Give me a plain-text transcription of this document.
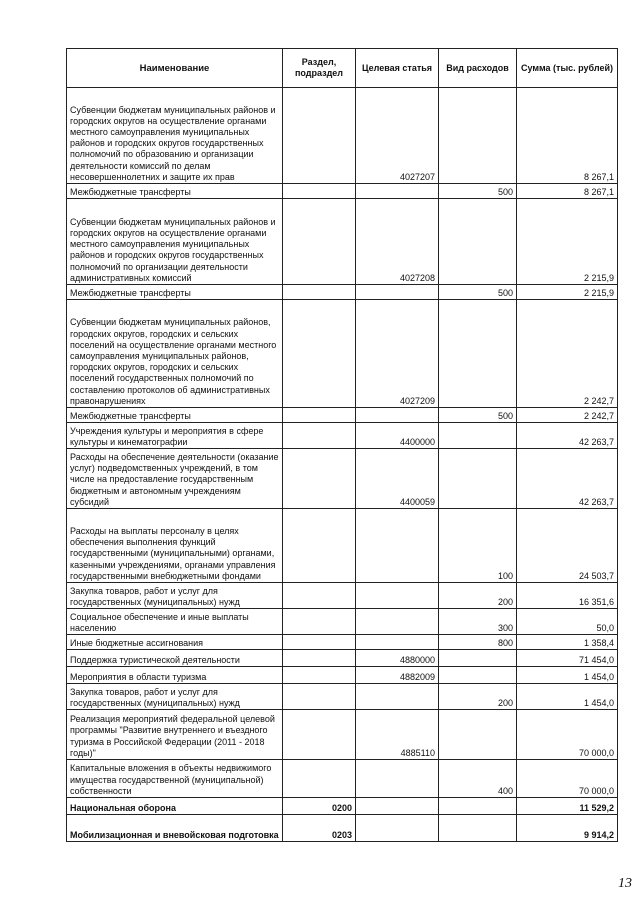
Наименование	Раздел, подраздел	Целевая статья	Вид расходов	Сумма (тыс. рублей)
Субвенции бюджетам муниципальных районов и городских округов на осуществление органами местного самоуправления муниципальных районов и городских округов государственных полномочий по образованию и организации деятельности комиссий по делам несовершеннолетних и защите их прав		4027207		8 267,1
Межбюджетные трансферты			500	8 267,1
Субвенции бюджетам муниципальных районов и городских округов на осуществление органами местного самоуправления муниципальных районов и городских округов государственных полномочий по организации деятельности административных комиссий		4027208		2 215,9
Межбюджетные трансферты			500	2 215,9
Субвенции бюджетам муниципальных районов, городских округов, городских и сельских поселений на осуществление органами местного самоуправления муниципальных районов, городских округов, городских и сельских поселений государственных полномочий по составлению протоколов об административных правонарушениях		4027209		2 242,7
Межбюджетные трансферты			500	2 242,7
Учреждения культуры и мероприятия в сфере культуры и кинематографии		4400000		42 263,7
Расходы на обеспечение деятельности (оказание услуг) подведомственных учреждений, в том числе на предоставление государственным бюджетным и автономным учреждениям субсидий		4400059		42 263,7
Расходы на выплаты персоналу в целях обеспечения выполнения функций государственными (муниципальными) органами, казенными учреждениями, органами управления государственными внебюджетными фондами			100	24 503,7
Закупка товаров, работ и услуг для государственных (муниципальных) нужд			200	16 351,6
Социальное обеспечение и иные выплаты населению			300	50,0
Иные бюджетные ассигнования			800	1 358,4
Поддержка туристической деятельности		4880000		71 454,0
Мероприятия в области туризма		4882009		1 454,0
Закупка товаров, работ и услуг для государственных (муниципальных) нужд			200	1 454,0
Реализация мероприятий федеральной целевой программы "Развитие внутреннего и въездного туризма в Российской Федерации (2011 - 2018 годы)"		4885110		70 000,0
Капитальные вложения в объекты недвижимого имущества государственной (муниципальной) собственности			400	70 000,0
Национальная оборона	0200			11 529,2
Мобилизационная и вневойсковая подготовка	0203			9 914,2
13
